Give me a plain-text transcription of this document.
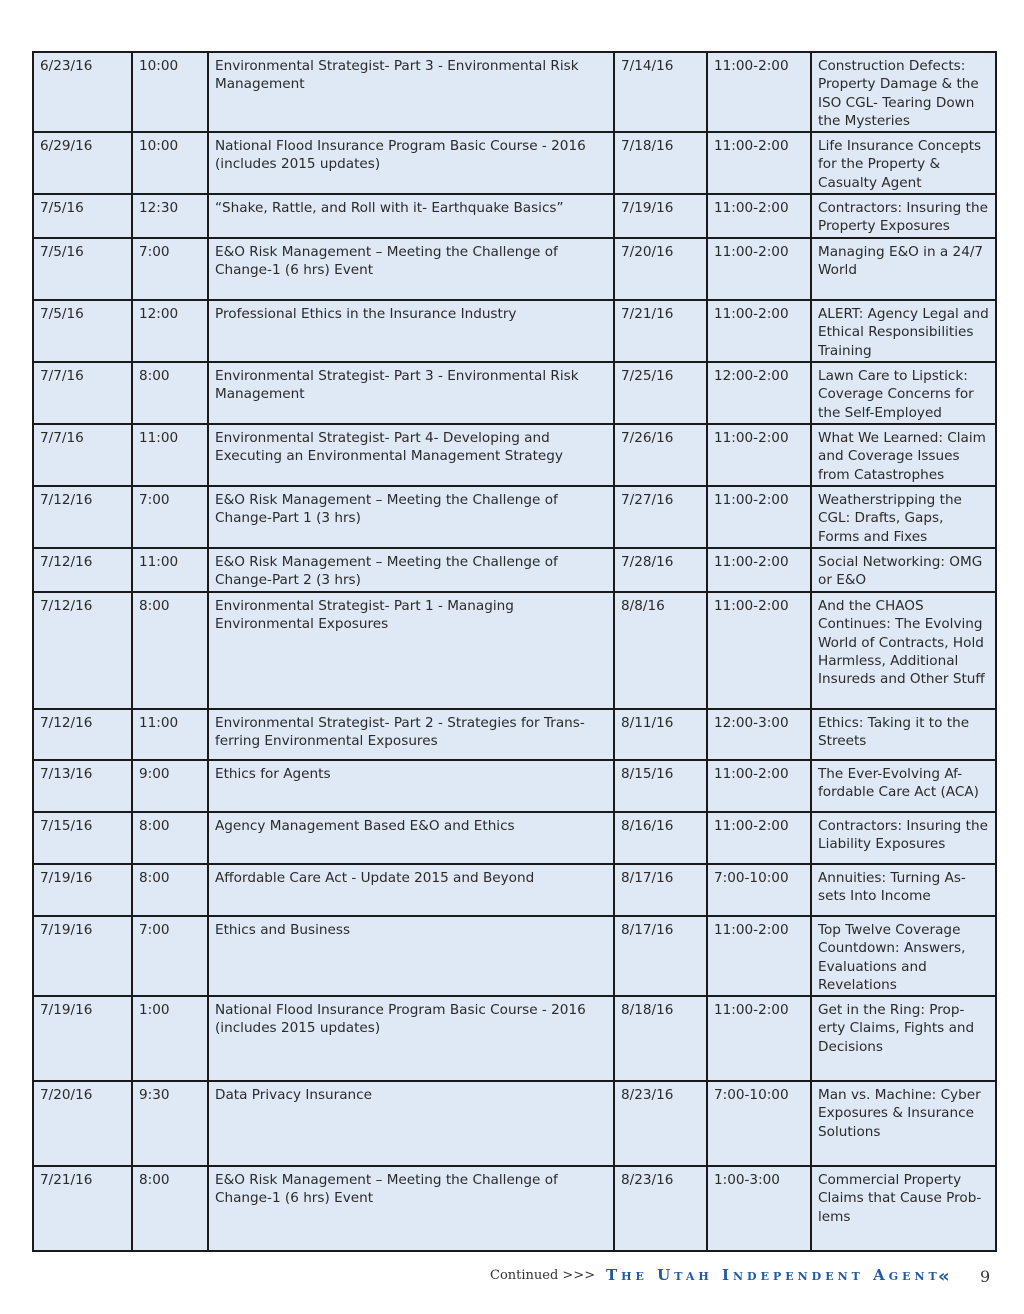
6/23/16	10:00	Environmental Strategist- Part 3 - Environmental Risk Management	7/14/16	11:00-2:00	Construction Defects: Property Damage & the ISO CGL- Tearing Down the Mysteries
6/29/16	10:00	National Flood Insurance Program Basic Course - 2016 (includes 2015 updates)	7/18/16	11:00-2:00	Life Insurance Concepts for the Property & Casualty Agent
7/5/16	12:30	“Shake, Rattle, and Roll with it- Earthquake Basics”	7/19/16	11:00-2:00	Contractors: Insuring the Property Exposures
7/5/16	7:00	E&O Risk Management – Meeting the Challenge of Change-1 (6 hrs) Event	7/20/16	11:00-2:00	Managing E&O in a 24/7 World
7/5/16	12:00	Professional Ethics in the Insurance Industry	7/21/16	11:00-2:00	ALERT: Agency Legal and Ethical Responsibilities Training
7/7/16	8:00	Environmental Strategist- Part 3 - Environmental Risk Management	7/25/16	12:00-2:00	Lawn Care to Lipstick: Coverage Concerns for the Self-Employed
7/7/16	11:00	Environmental Strategist- Part 4- Developing and Executing an Environmental Management Strategy	7/26/16	11:00-2:00	What We Learned: Claim and Coverage Issues from Catastrophes
7/12/16	7:00	E&O Risk Management – Meeting the Challenge of Change-Part 1 (3 hrs)	7/27/16	11:00-2:00	Weatherstripping the CGL: Drafts, Gaps, Forms and Fixes
7/12/16	11:00	E&O Risk Management – Meeting the Challenge of Change-Part 2 (3 hrs)	7/28/16	11:00-2:00	Social Networking: OMG or E&O
7/12/16	8:00	Environmental Strategist- Part 1 - Managing Environmental Exposures	8/8/16	11:00-2:00	And the CHAOS Continues: The Evolving World of Contracts, Hold Harmless, Additional Insureds and Other Stuff
7/12/16	11:00	Environmental Strategist- Part 2 - Strategies for Trans-ferring Environmental Exposures	8/11/16	12:00-3:00	Ethics: Taking it to the Streets
7/13/16	9:00	Ethics for Agents	8/15/16	11:00-2:00	The Ever-Evolving Af-fordable Care Act (ACA)
7/15/16	8:00	Agency Management Based E&O and Ethics	8/16/16	11:00-2:00	Contractors: Insuring the Liability Exposures
7/19/16	8:00	Affordable Care Act - Update 2015 and Beyond	8/17/16	7:00-10:00	Annuities: Turning As-sets Into Income
7/19/16	7:00	Ethics and Business	8/17/16	11:00-2:00	Top Twelve Coverage Countdown: Answers, Evaluations and Revelations
7/19/16	1:00	National Flood Insurance Program Basic Course - 2016 (includes 2015 updates)	8/18/16	11:00-2:00	Get in the Ring: Prop-erty Claims, Fights and Decisions
7/20/16	9:30	Data Privacy Insurance	8/23/16	7:00-10:00	Man vs. Machine: Cyber Exposures & Insurance Solutions
7/21/16	8:00	E&O Risk Management – Meeting the Challenge of Change-1 (6 hrs) Event	8/23/16	1:00-3:00	Commercial Property Claims that Cause Prob-lems
Continued >>> The Utah Independent Agent
« 9
